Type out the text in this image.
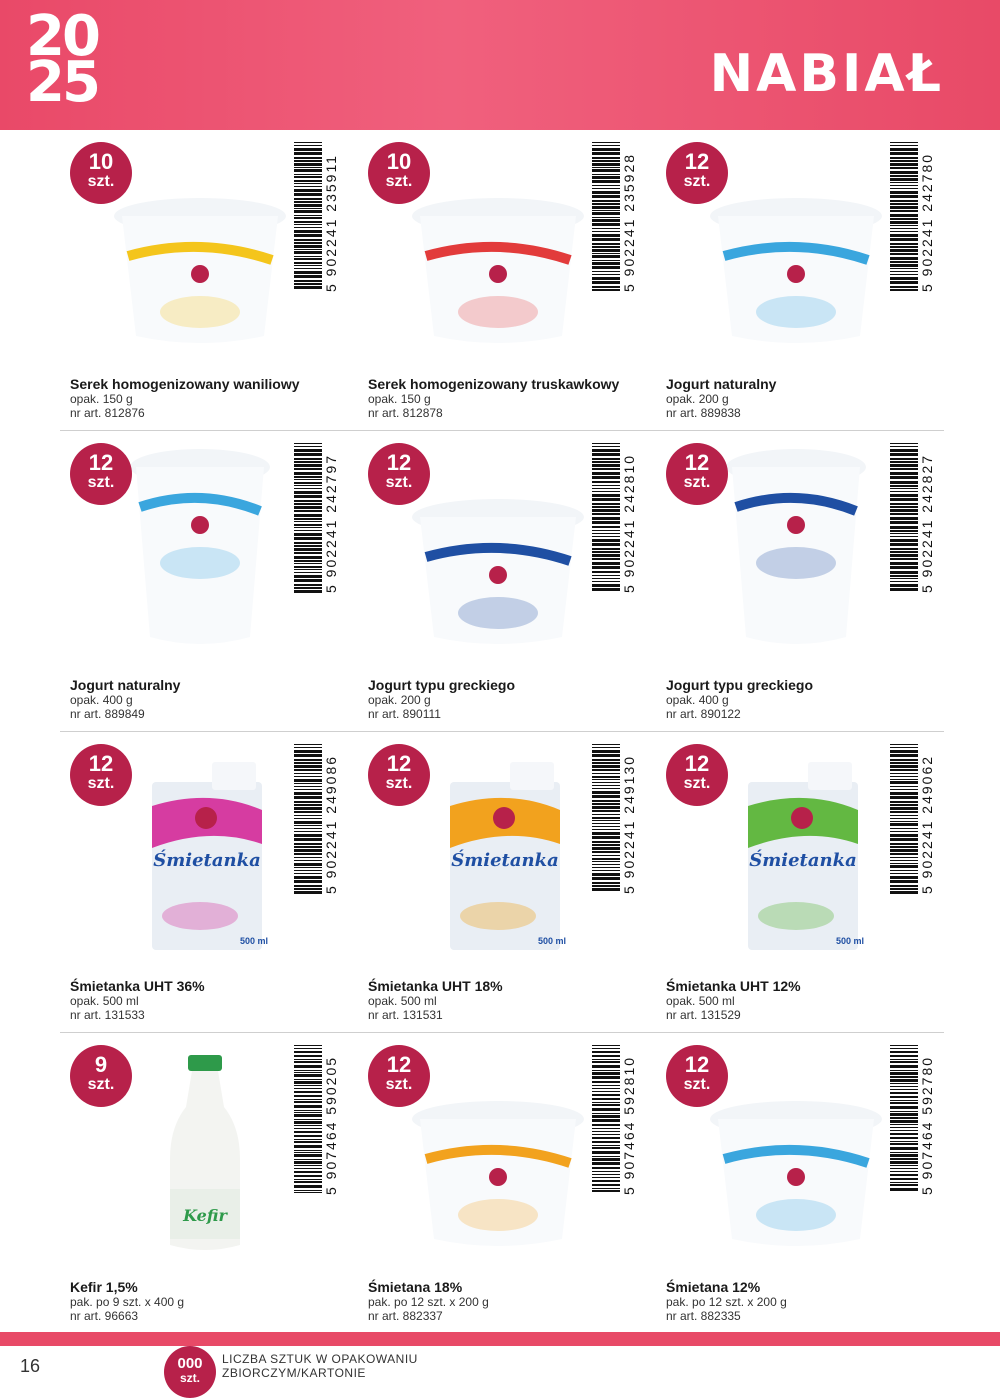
20
25	NABIAŁ
10
szt.
5 902241 235911
Serek homogenizowany waniliowy
opak. 150 g
nr art. 812876
10
szt.
5 902241 235928
Serek homogenizowany truskawkowy
opak. 150 g
nr art. 812878
12
szt.
5 902241 242780
Jogurt naturalny
opak. 200 g
nr art. 889838
12
szt.
5 902241 242797
Jogurt naturalny
opak. 400 g
nr art. 889849
12
szt.
5 902241 242810
Jogurt typu greckiego
opak. 200 g
nr art. 890111
12
szt.
5 902241 242827
Jogurt typu greckiego
opak. 400 g
nr art. 890122
12
szt.
Śmietanka
500 ml
5 902241 249086
Śmietanka UHT 36%
opak. 500 ml
nr art. 131533
12
szt.
Śmietanka
500 ml
5 902241 249130
Śmietanka UHT 18%
opak. 500 ml
nr art. 131531
12
szt.
Śmietanka
500 ml
5 902241 249062
Śmietanka UHT 12%
opak. 500 ml
nr art. 131529
9
szt.
Kefir
5 907464 590205
Kefir 1,5%
pak. po 9 szt. x 400 g
nr art. 96663
12
szt.
5 907464 592810
Śmietana 18%
pak. po 12 szt. x 200 g
nr art. 882337
12
szt.
5 907464 592780
Śmietana 12%
pak. po 12 szt. x 200 g
nr art. 882335
16	000
szt.
LICZBA SZTUK W OPAKOWANIU
ZBIORCZYM/KARTONIE
